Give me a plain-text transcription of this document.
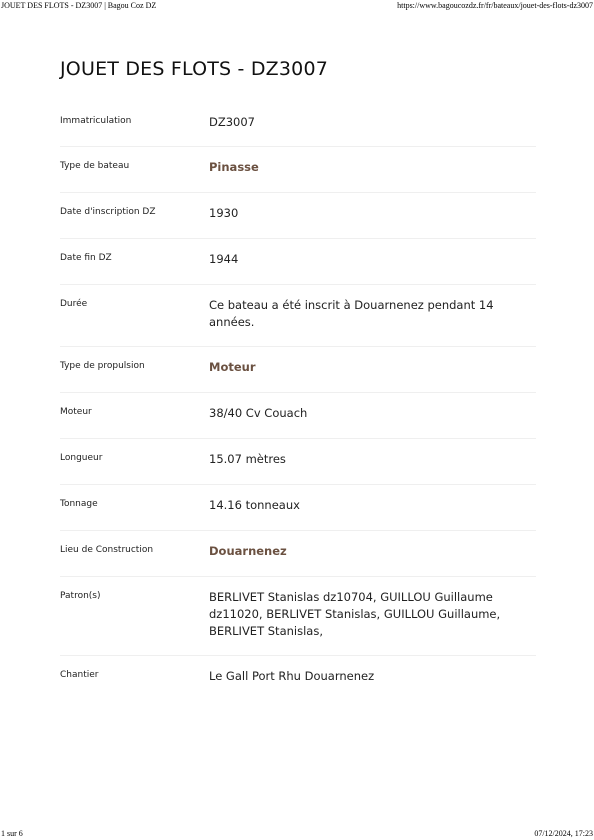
JOUET DES FLOTS - DZ3007 | Bagou Coz DZ	https://www.bagoucozdz.fr/fr/bateaux/jouet-des-flots-dz3007
JOUET DES FLOTS - DZ3007
Immatriculation	DZ3007
Type de bateau	Pinasse
Date d'inscription DZ	1930
Date fin DZ	1944
Durée	Ce bateau a été inscrit à Douarnenez pendant 14 années.
Type de propulsion	Moteur
Moteur	38/40 Cv Couach
Longueur	15.07 mètres
Tonnage	14.16 tonneaux
Lieu de Construction	Douarnenez
Patron(s)	BERLIVET Stanislas dz10704, GUILLOU Guillaume dz11020, BERLIVET Stanislas, GUILLOU Guillaume, BERLIVET Stanislas,
Chantier	Le Gall Port Rhu Douarnenez
1 sur 6	07/12/2024, 17:23
